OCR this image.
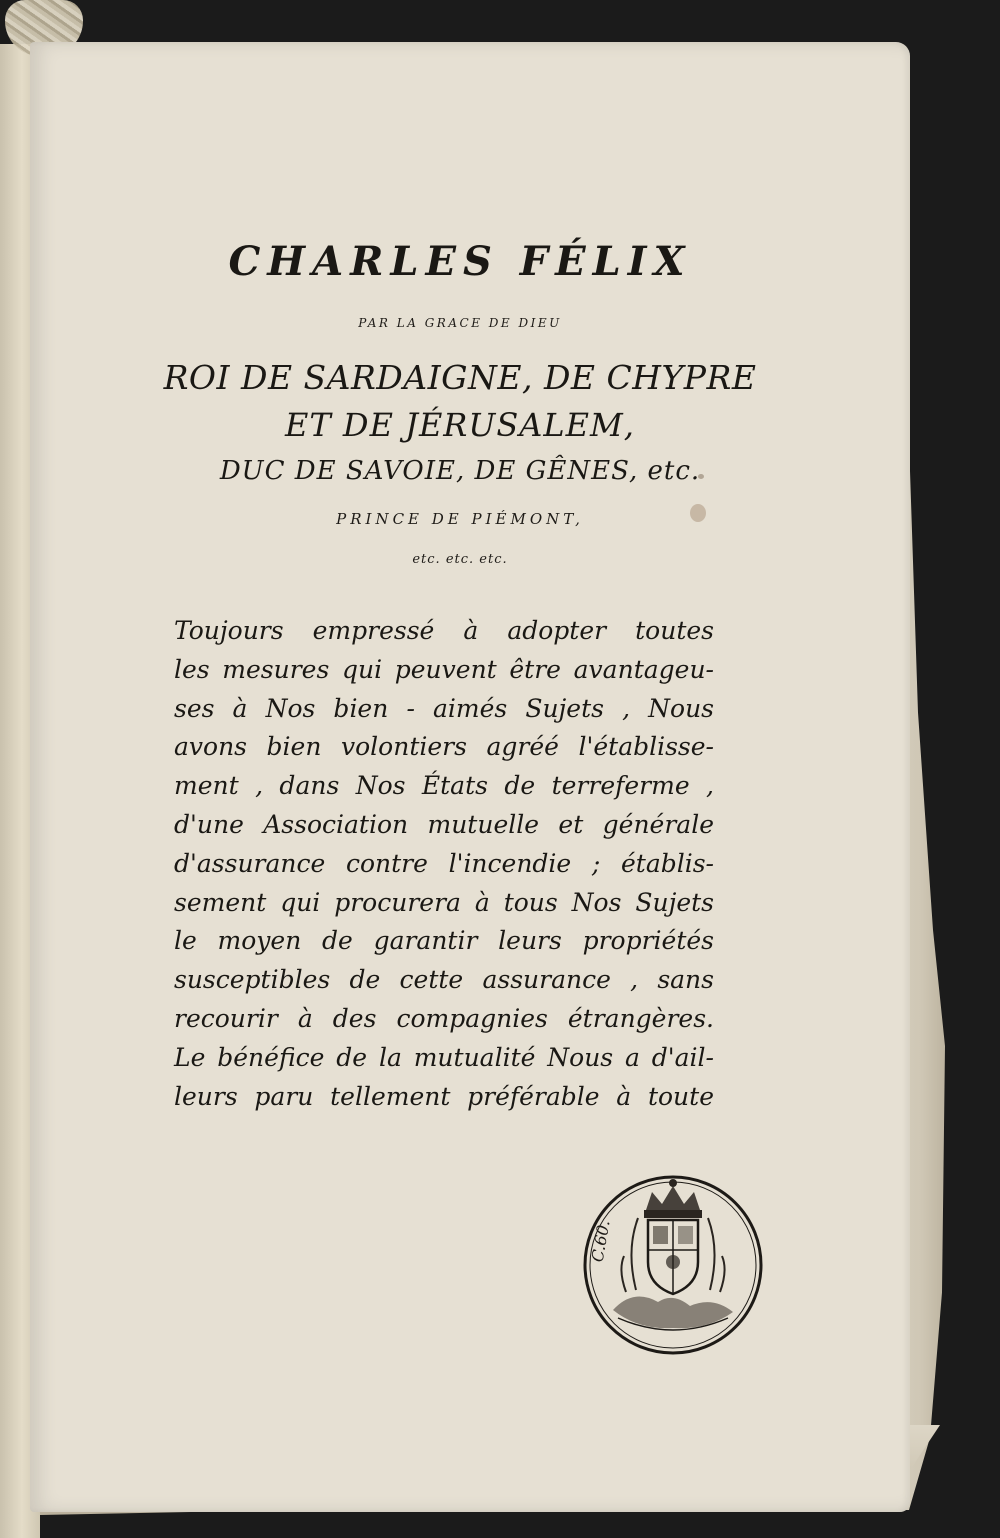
CHARLES FÉLIX

PAR LA GRACE DE DIEU

ROI DE SARDAIGNE, DE CHYPRE

ET DE JÉRUSALEM,

DUC DE SAVOIE, DE GÊNES, etc.

PRINCE DE PIÉMONT,

etc. etc. etc.

Toujours empressé à adopter toutes
les mesures qui peuvent être avantageu-
ses à Nos bien - aimés Sujets , Nous
avons bien volontiers agréé l'établisse-
ment , dans Nos États de terreferme ,
d'une Association mutuelle et générale
d'assurance contre l'incendie ; établis-
sement qui procurera à tous Nos Sujets
le moyen de garantir leurs propriétés
susceptibles de cette assurance , sans
recourir à des compagnies étrangères.
Le bénéfice de la mutualité Nous a d'ail-
leurs paru tellement préférable à toute
C.60.
